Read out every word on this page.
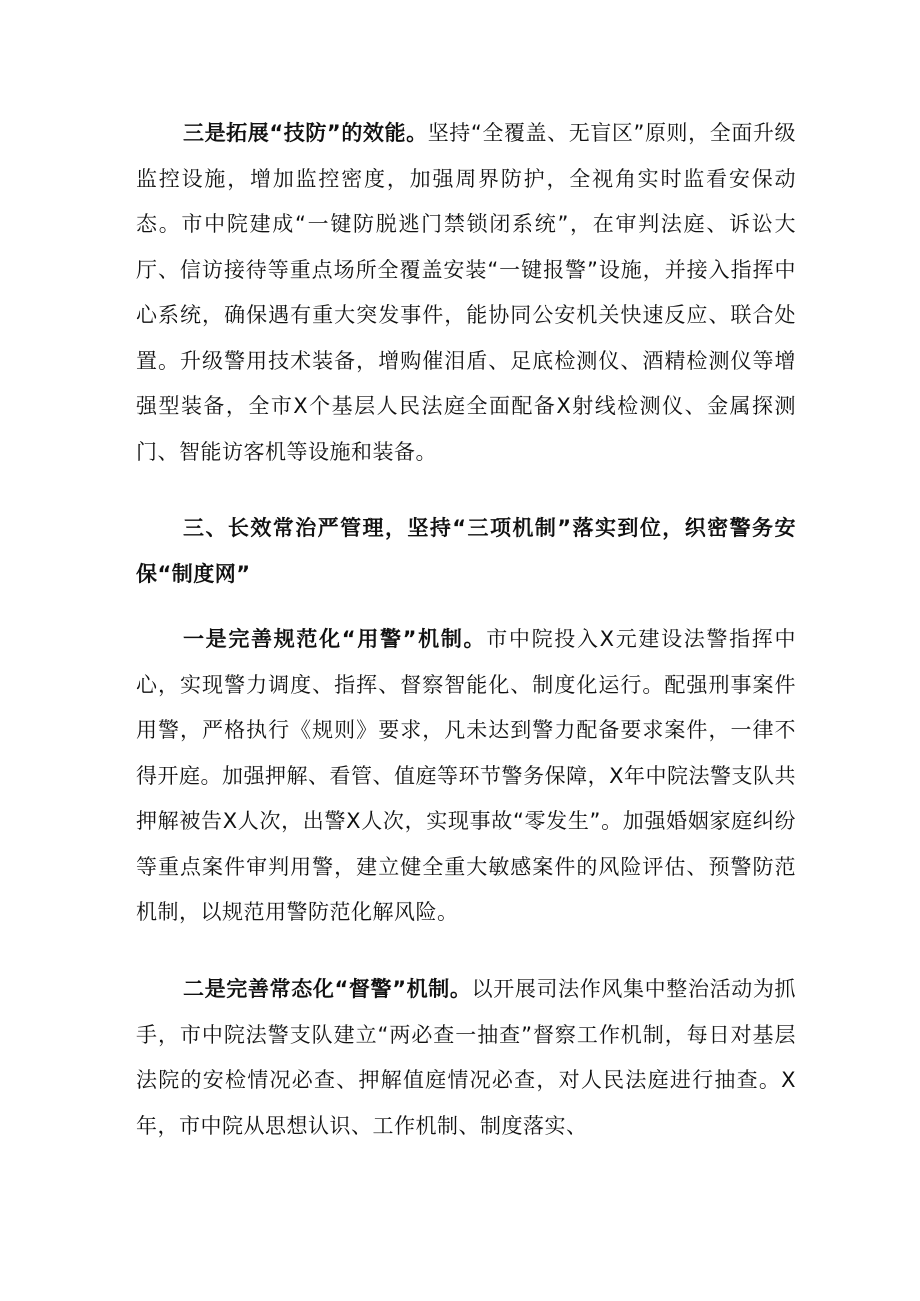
三是拓展“技防”的效能。坚持“全覆盖、无盲区”原则，全面升级监控设施，增加监控密度，加强周界防护，全视角实时监看安保动态。市中院建成“一键防脱逃门禁锁闭系统”，在审判法庭、诉讼大厅、信访接待等重点场所全覆盖安装“一键报警”设施，并接入指挥中心系统，确保遇有重大突发事件，能协同公安机关快速反应、联合处置。升级警用技术装备，增购催泪盾、足底检测仪、酒精检测仪等增强型装备，全市X个基层人民法庭全面配备X射线检测仪、金属探测门、智能访客机等设施和装备。

三、长效常治严管理，坚持“三项机制”落实到位，织密警务安保“制度网”

一是完善规范化“用警”机制。市中院投入X元建设法警指挥中心，实现警力调度、指挥、督察智能化、制度化运行。配强刑事案件用警，严格执行《规则》要求，凡未达到警力配备要求案件，一律不得开庭。加强押解、看管、值庭等环节警务保障，X年中院法警支队共押解被告X人次，出警X人次，实现事故“零发生”。加强婚姻家庭纠纷等重点案件审判用警，建立健全重大敏感案件的风险评估、预警防范机制，以规范用警防范化解风险。

二是完善常态化“督警”机制。以开展司法作风集中整治活动为抓手，市中院法警支队建立“两必查一抽查”督察工作机制，每日对基层法院的安检情况必查、押解值庭情况必查，对人民法庭进行抽查。X年，市中院从思想认识、工作机制、制度落实、
